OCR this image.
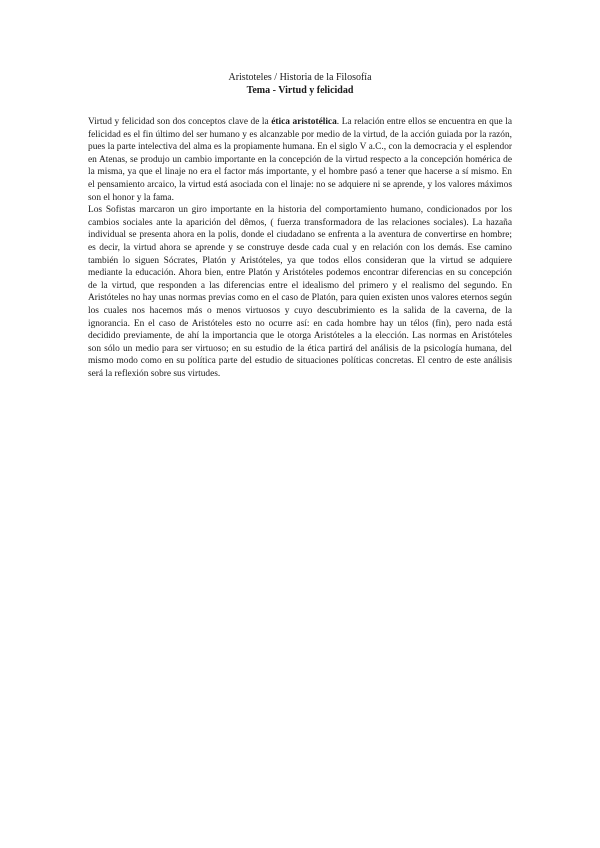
Aristoteles / Historia de la Filosofía
Tema - Virtud y felicidad

Virtud y felicidad son dos conceptos clave de la ética aristotélica. La relación entre ellos se encuentra en que la felicidad es el fin último del ser humano y es alcanzable por medio de la virtud, de la acción guiada por la razón, pues la parte intelectiva del alma es la propiamente humana. En el siglo V a.C., con la democracia y el esplendor en Atenas, se produjo un cambio importante en la concepción de la virtud respecto a la concepción homérica de la misma, ya que el linaje no era el factor más importante, y el hombre pasó a tener que hacerse a sí mismo. En el pensamiento arcaico, la virtud está asociada con el linaje: no se adquiere ni se aprende, y los valores máximos son el honor y la fama.

Los Sofistas marcaron un giro importante en la historia del comportamiento humano, condicionados por los cambios sociales ante la aparición del dêmos, ( fuerza transformadora de las relaciones sociales). La hazaña individual se presenta ahora en la polis, donde el ciudadano se enfrenta a la aventura de convertirse en hombre; es decir, la virtud ahora se aprende y se construye desde cada cual y en relación con los demás. Ese camino también lo siguen Sócrates, Platón y Aristóteles, ya que todos ellos consideran que la virtud se adquiere mediante la educación. Ahora bien, entre Platón y Aristóteles podemos encontrar diferencias en su concepción de la virtud, que responden a las diferencias entre el idealismo del primero y el realismo del segundo. En Aristóteles no hay unas normas previas como en el caso de Platón, para quien existen unos valores eternos según los cuales nos hacemos más o menos virtuosos y cuyo descubrimiento es la salida de la caverna, de la ignorancia. En el caso de Aristóteles esto no ocurre así: en cada hombre hay un télos (fin), pero nada está decidido previamente, de ahí la importancia que le otorga Aristóteles a la elección. Las normas en Aristóteles son sólo un medio para ser virtuoso; en su estudio de la ética partirá del análisis de la psicología humana, del mismo modo como en su política parte del estudio de situaciones políticas concretas. El centro de este análisis será la reflexión sobre sus virtudes.
